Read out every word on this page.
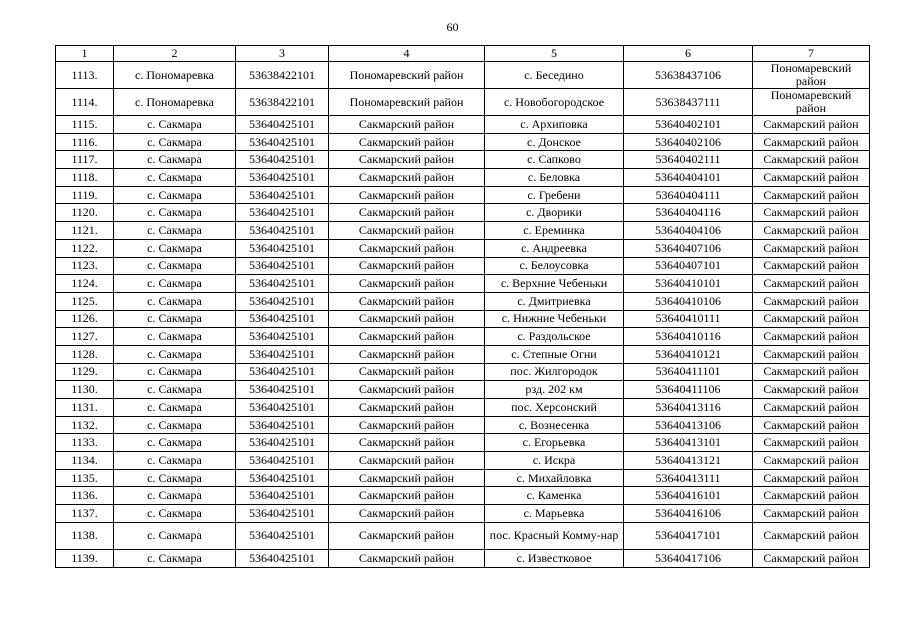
60
1	2	3	4	5	6	7
1113.	с. Пономаревка	53638422101	Пономаревский район	с. Беседино	53638437106	Пономаревский район
1114.	с. Пономаревка	53638422101	Пономаревский район	с. Новобогородское	53638437111	Пономаревский район
1115.	с. Сакмара	53640425101	Сакмарский район	с. Архиповка	53640402101	Сакмарский район
1116.	с. Сакмара	53640425101	Сакмарский район	с. Донское	53640402106	Сакмарский район
1117.	с. Сакмара	53640425101	Сакмарский район	с. Сапково	53640402111	Сакмарский район
1118.	с. Сакмара	53640425101	Сакмарский район	с. Беловка	53640404101	Сакмарский район
1119.	с. Сакмара	53640425101	Сакмарский район	с. Гребени	53640404111	Сакмарский район
1120.	с. Сакмара	53640425101	Сакмарский район	с. Дворики	53640404116	Сакмарский район
1121.	с. Сакмара	53640425101	Сакмарский район	с. Ереминка	53640404106	Сакмарский район
1122.	с. Сакмара	53640425101	Сакмарский район	с. Андреевка	53640407106	Сакмарский район
1123.	с. Сакмара	53640425101	Сакмарский район	с. Белоусовка	53640407101	Сакмарский район
1124.	с. Сакмара	53640425101	Сакмарский район	с. Верхние Чебеньки	53640410101	Сакмарский район
1125.	с. Сакмара	53640425101	Сакмарский район	с. Дмитриевка	53640410106	Сакмарский район
1126.	с. Сакмара	53640425101	Сакмарский район	с. Нижние Чебеньки	53640410111	Сакмарский район
1127.	с. Сакмара	53640425101	Сакмарский район	с. Раздольское	53640410116	Сакмарский район
1128.	с. Сакмара	53640425101	Сакмарский район	с. Степные Огни	53640410121	Сакмарский район
1129.	с. Сакмара	53640425101	Сакмарский район	пос. Жилгородок	53640411101	Сакмарский район
1130.	с. Сакмара	53640425101	Сакмарский район	рзд. 202 км	53640411106	Сакмарский район
1131.	с. Сакмара	53640425101	Сакмарский район	пос. Херсонский	53640413116	Сакмарский район
1132.	с. Сакмара	53640425101	Сакмарский район	с. Вознесенка	53640413106	Сакмарский район
1133.	с. Сакмара	53640425101	Сакмарский район	с. Егорьевка	53640413101	Сакмарский район
1134.	с. Сакмара	53640425101	Сакмарский район	с. Искра	53640413121	Сакмарский район
1135.	с. Сакмара	53640425101	Сакмарский район	с. Михайловка	53640413111	Сакмарский район
1136.	с. Сакмара	53640425101	Сакмарский район	с. Каменка	53640416101	Сакмарский район
1137.	с. Сакмара	53640425101	Сакмарский район	с. Марьевка	53640416106	Сакмарский район
1138.	с. Сакмара	53640425101	Сакмарский район	пос. Красный Комму-нар	53640417101	Сакмарский район
1139.	с. Сакмара	53640425101	Сакмарский район	с. Известковое	53640417106	Сакмарский район
